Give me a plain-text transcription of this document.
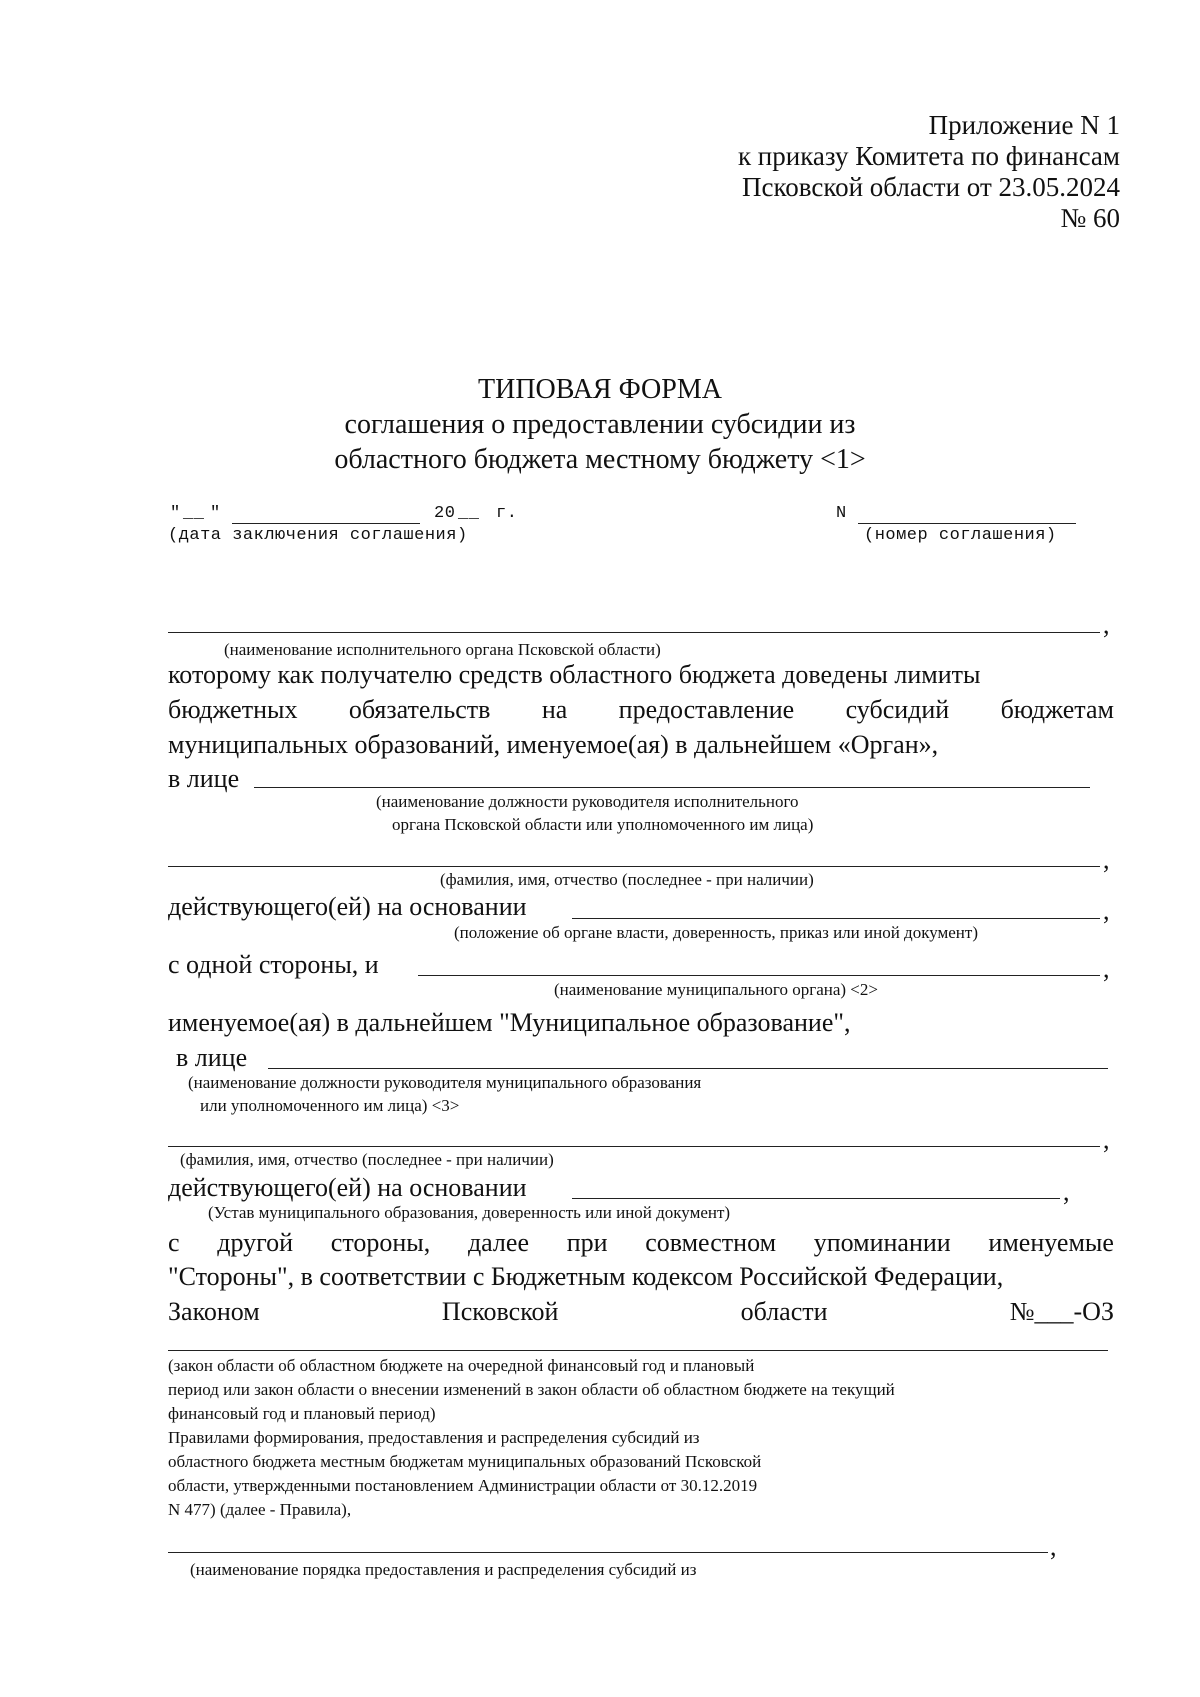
Приложение N 1
к приказу Комитета по финансам
Псковской области от 23.05.2024
№ 60
ТИПОВАЯ ФОРМА
соглашения о предоставлении субсидии из
областного бюджета местному бюджету <1>
" __ "	20 __ г.
(дата заключения соглашения)
N
(номер соглашения)
,
(наименование исполнительного органа Псковской области)
которому как получателю средств областного бюджета доведены лимиты
бюджетных обязательств на предоставление субсидий бюджетам
муниципальных образований, именуемое(ая) в дальнейшем «Орган»,
в лице
(наименование должности руководителя исполнительного
органа Псковской области или уполномоченного им лица)
,
(фамилия, имя, отчество (последнее - при наличии)
действующего(ей) на основании	,
(положение об органе власти, доверенность, приказ или иной документ)
с одной стороны, и	,
(наименование муниципального органа) <2>
именуемое(ая) в дальнейшем "Муниципальное образование",
в лице
(наименование должности руководителя муниципального образования
или уполномоченного им лица) <3>
,
(фамилия, имя, отчество (последнее - при наличии)
действующего(ей) на основании	,
(Устав муниципального образования, доверенность или иной документ)
с другой стороны, далее при совместном упоминании именуемые
"Стороны", в соответствии с Бюджетным кодексом Российской Федерации,
Законом	Псковской	области	№___-ОЗ
(закон области об областном бюджете на очередной финансовый год и плановый
период или закон области о внесении изменений в закон области об областном бюджете на текущий
финансовый год и плановый период)
Правилами формирования, предоставления и распределения субсидий из
областного бюджета местным бюджетам муниципальных образований Псковской
области, утвержденными постановлением Администрации области от 30.12.2019
N 477) (далее - Правила),
,
(наименование порядка предоставления и распределения субсидий из
